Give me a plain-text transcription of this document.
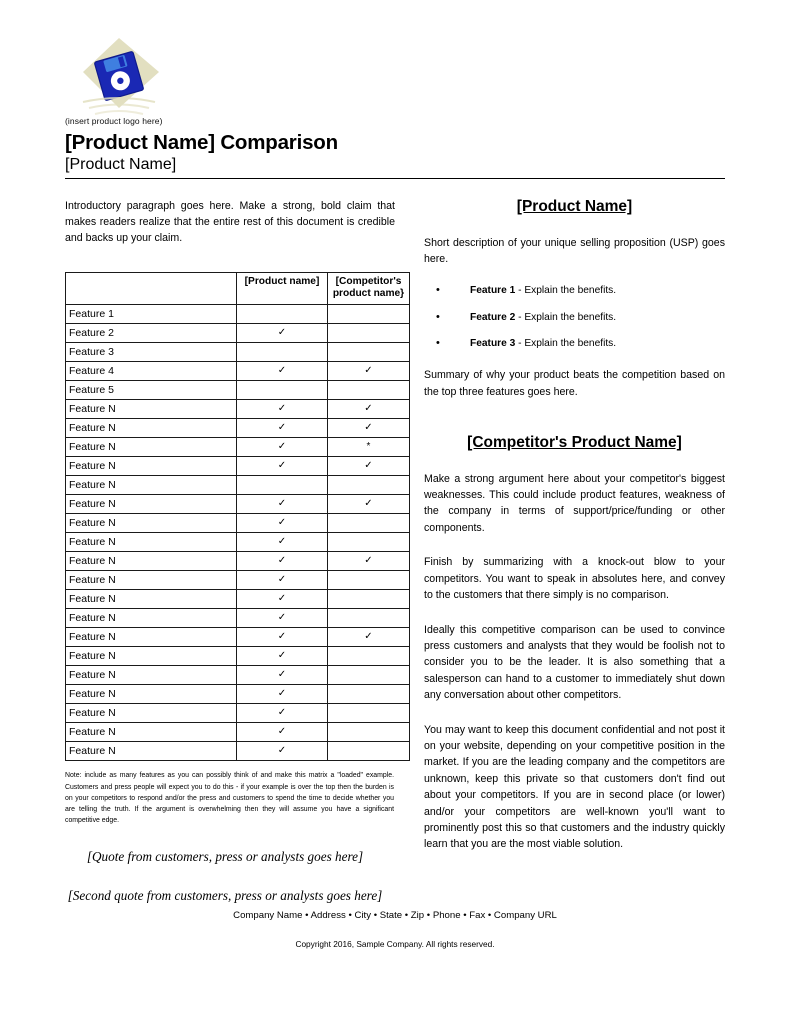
(insert product logo here)
[Product Name] Comparison
[Product Name]

Introductory paragraph goes here. Make a strong, bold claim that makes readers realize that the entire rest of this document is credible and backs up your claim.

	[Product name]	[Competitor's product name}
Feature 1		
Feature 2	✓	
Feature 3		
Feature 4	✓	✓
Feature 5		
Feature N	✓	✓
Feature N	✓	✓
Feature N	✓	*
Feature N	✓	✓
Feature N		
Feature N	✓	✓
Feature N	✓	
Feature N	✓	
Feature N	✓	✓
Feature N	✓	
Feature N	✓	
Feature N	✓	
Feature N	✓	✓
Feature N	✓	
Feature N	✓	
Feature N	✓	
Feature N	✓	
Feature N	✓	
Feature N	✓	

Note: include as many features as you can possibly think of and make this matrix a "loaded" example. Customers and press people will expect you to do this - if your example is over the top then the burden is on your competitors to respond and/or the press and customers to spend the time to decide whether you are telling the truth. If the argument is overwhelming then they will assume you have a significant competitive edge.

[Quote from customers, press or analysts goes here]

[Second quote from customers, press or analysts goes here]

[Product Name]

Short description of your unique selling proposition (USP) goes here.

• Feature 1 - Explain the benefits.
• Feature 2 - Explain the benefits.
• Feature 3 - Explain the benefits.

Summary of why your product beats the competition based on the top three features goes here.

[Competitor's Product Name]

Make a strong argument here about your competitor's biggest weaknesses. This could include product features, weakness of the company in terms of support/price/funding or other components.

Finish by summarizing with a knock-out blow to your competitors. You want to speak in absolutes here, and convey to the customers that there simply is no comparison.

Ideally this competitive comparison can be used to convince press customers and analysts that they would be foolish not to consider you to be the leader. It is also something that a salesperson can hand to a customer to immediately shut down any conversation about other competitors.

You may want to keep this document confidential and not post it on your website, depending on your competitive position in the market. If you are the leading company and the competitors are unknown, keep this private so that customers don't find out about your competitors. If you are in second place (or lower) and/or your competitors are well-known you'll want to prominently post this so that customers and the industry quickly learn that you are the most viable solution.

Company Name • Address • City • State • Zip • Phone • Fax • Company URL

Copyright 2016, Sample Company. All rights reserved.
